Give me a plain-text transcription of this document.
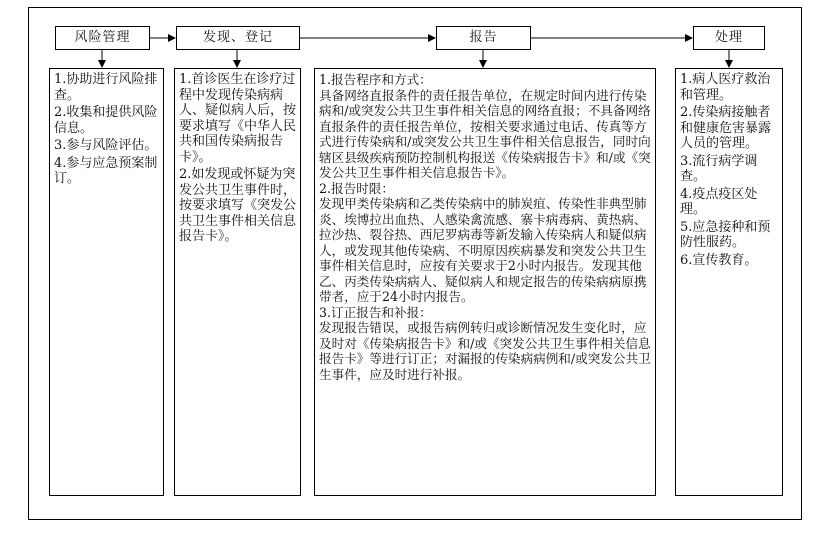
风险管理	发现、登记	报告	处理
1.协助进行风险排查。
2.收集和提供风险信息。
3.参与风险评估。
4.参与应急预案制订。
1.首诊医生在诊疗过程中发现传染病病人、疑似病人后，按要求填写《中华人民共和国传染病报告卡》。
2.如发现或怀疑为突发公共卫生事件时，按要求填写《突发公共卫生事件相关信息报告卡》。
1.报告程序和方式：
具备网络直报条件的责任报告单位，在规定时间内进行传染病和/或突发公共卫生事件相关信息的网络直报；不具备网络直报条件的责任报告单位，按相关要求通过电话、传真等方式进行传染病和/或突发公共卫生事件相关信息报告，同时向辖区县级疾病预防控制机构报送《传染病报告卡》和/或《突发公共卫生事件相关信息报告卡》。
2.报告时限：
发现甲类传染病和乙类传染病中的肺炭疽、传染性非典型肺炎、埃博拉出血热、人感染禽流感、寨卡病毒病、黄热病、拉沙热、裂谷热、西尼罗病毒等新发输入传染病人和疑似病人，或发现其他传染病、不明原因疾病暴发和突发公共卫生事件相关信息时，应按有关要求于2小时内报告。发现其他乙、丙类传染病病人、疑似病人和规定报告的传染病病原携带者，应于24小时内报告。
3.订正报告和补报：
发现报告错误，或报告病例转归或诊断情况发生变化时，应及时对《传染病报告卡》和/或《突发公共卫生事件相关信息报告卡》等进行订正；对漏报的传染病病例和/或突发公共卫生事件，应及时进行补报。
1.病人医疗救治和管理。
2.传染病接触者和健康危害暴露人员的管理。
3.流行病学调查。
4.疫点疫区处理。
5.应急接种和预防性服药。
6.宣传教育。
